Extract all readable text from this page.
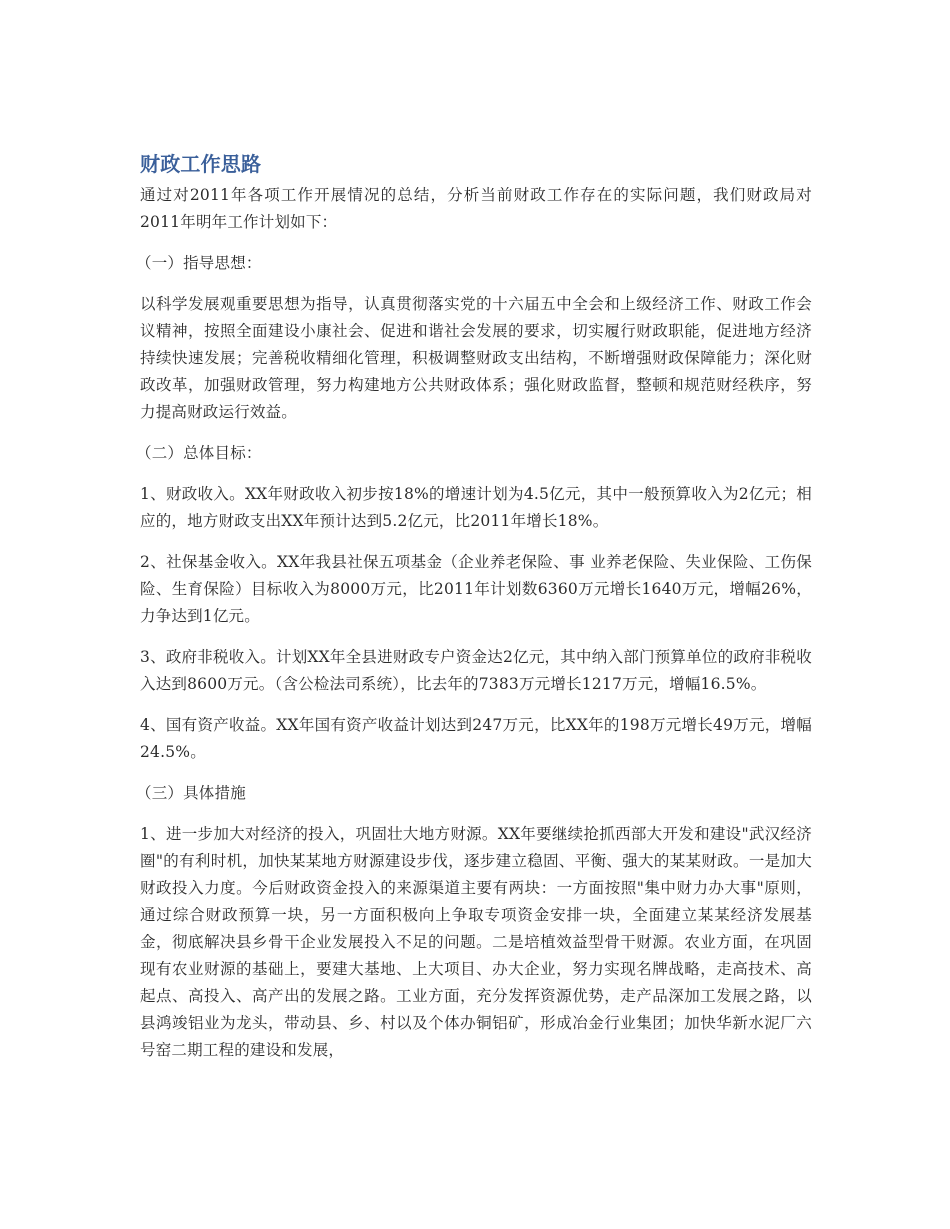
财政工作思路

通过对2011年各项工作开展情况的总结，分析当前财政工作存在的实际问题，我们财政局对2011年明年工作计划如下：

（一）指导思想：

以科学发展观重要思想为指导，认真贯彻落实党的十六届五中全会和上级经济工作、财政工作会议精神，按照全面建设小康社会、促进和谐社会发展的要求，切实履行财政职能，促进地方经济持续快速发展；完善税收精细化管理，积极调整财政支出结构，不断增强财政保障能力；深化财政改革，加强财政管理，努力构建地方公共财政体系；强化财政监督，整顿和规范财经秩序，努力提高财政运行效益。

（二）总体目标：

1、财政收入。XX年财政收入初步按18%的增速计划为4.5亿元，其中一般预算收入为2亿元；相应的，地方财政支出XX年预计达到5.2亿元，比2011年增长18%。

2、社保基金收入。XX年我县社保五项基金（企业养老保险、事 业养老保险、失业保险、工伤保险、生育保险）目标收入为8000万元，比2011年计划数6360万元增长1640万元，增幅26%，力争达到1亿元。

3、政府非税收入。计划XX年全县进财政专户资金达2亿元，其中纳入部门预算单位的政府非税收入达到8600万元。（含公检法司系统），比去年的7383万元增长1217万元，增幅16.5%。

4、国有资产收益。XX年国有资产收益计划达到247万元，比XX年的198万元增长49万元，增幅24.5%。

（三）具体措施

1、进一步加大对经济的投入，巩固壮大地方财源。XX年要继续抢抓西部大开发和建设"武汉经济圈"的有利时机，加快某某地方财源建设步伐，逐步建立稳固、平衡、强大的某某财政。一是加大财政投入力度。今后财政资金投入的来源渠道主要有两块：一方面按照"集中财力办大事"原则，通过综合财政预算一块，另一方面积极向上争取专项资金安排一块，全面建立某某经济发展基金，彻底解决县乡骨干企业发展投入不足的问题。二是培植效益型骨干财源。农业方面，在巩固现有农业财源的基础上，要建大基地、上大项目、办大企业，努力实现名牌战略，走高技术、高起点、高投入、高产出的发展之路。工业方面，充分发挥资源优势，走产品深加工发展之路，以县鸿竣铝业为龙头，带动县、乡、村以及个体办铜铝矿，形成冶金行业集团；加快华新水泥厂六号窑二期工程的建设和发展，
